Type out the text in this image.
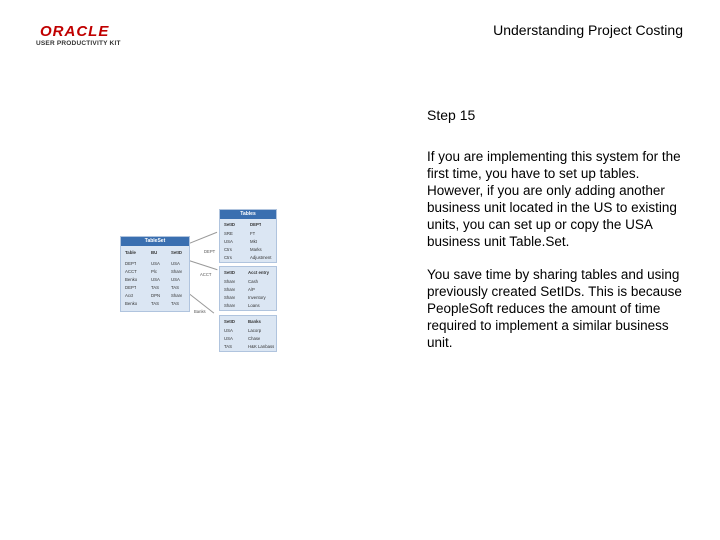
ORACLE
USER PRODUCTIVITY KIT
Understanding Project Costing
Step 15
If you are implementing this system for the first time, you have to set up tables. However, if you are only adding another business unit located in the US to existing units, you can set up or copy the USA business unit Table.Set.
You save time by sharing tables and using previously created SetIDs. This is because PeopleSoft reduces the amount of time required to implement a similar business unit.
DEPT
ACCT
Banks
TableSet
Table	BU	SetID
DEPT	USA	USA
ACCT	Plc	Share
Benko	USA	USA
DEPT	TAS	TAS
Acct	DPN	Share
Benko	TAS	TAS
Tables
SetID	DEPT
SRE	FT
USA	Mkt
Ctrs	Marks
Ctrs	Adjustment
SetID	Acct entry
Share	Cash
Share	A/P
Share	Inventory
Share	Loans
SetID	Banks
USA	Lacorp
USA	Chase
TAS	H&K Lanbass
